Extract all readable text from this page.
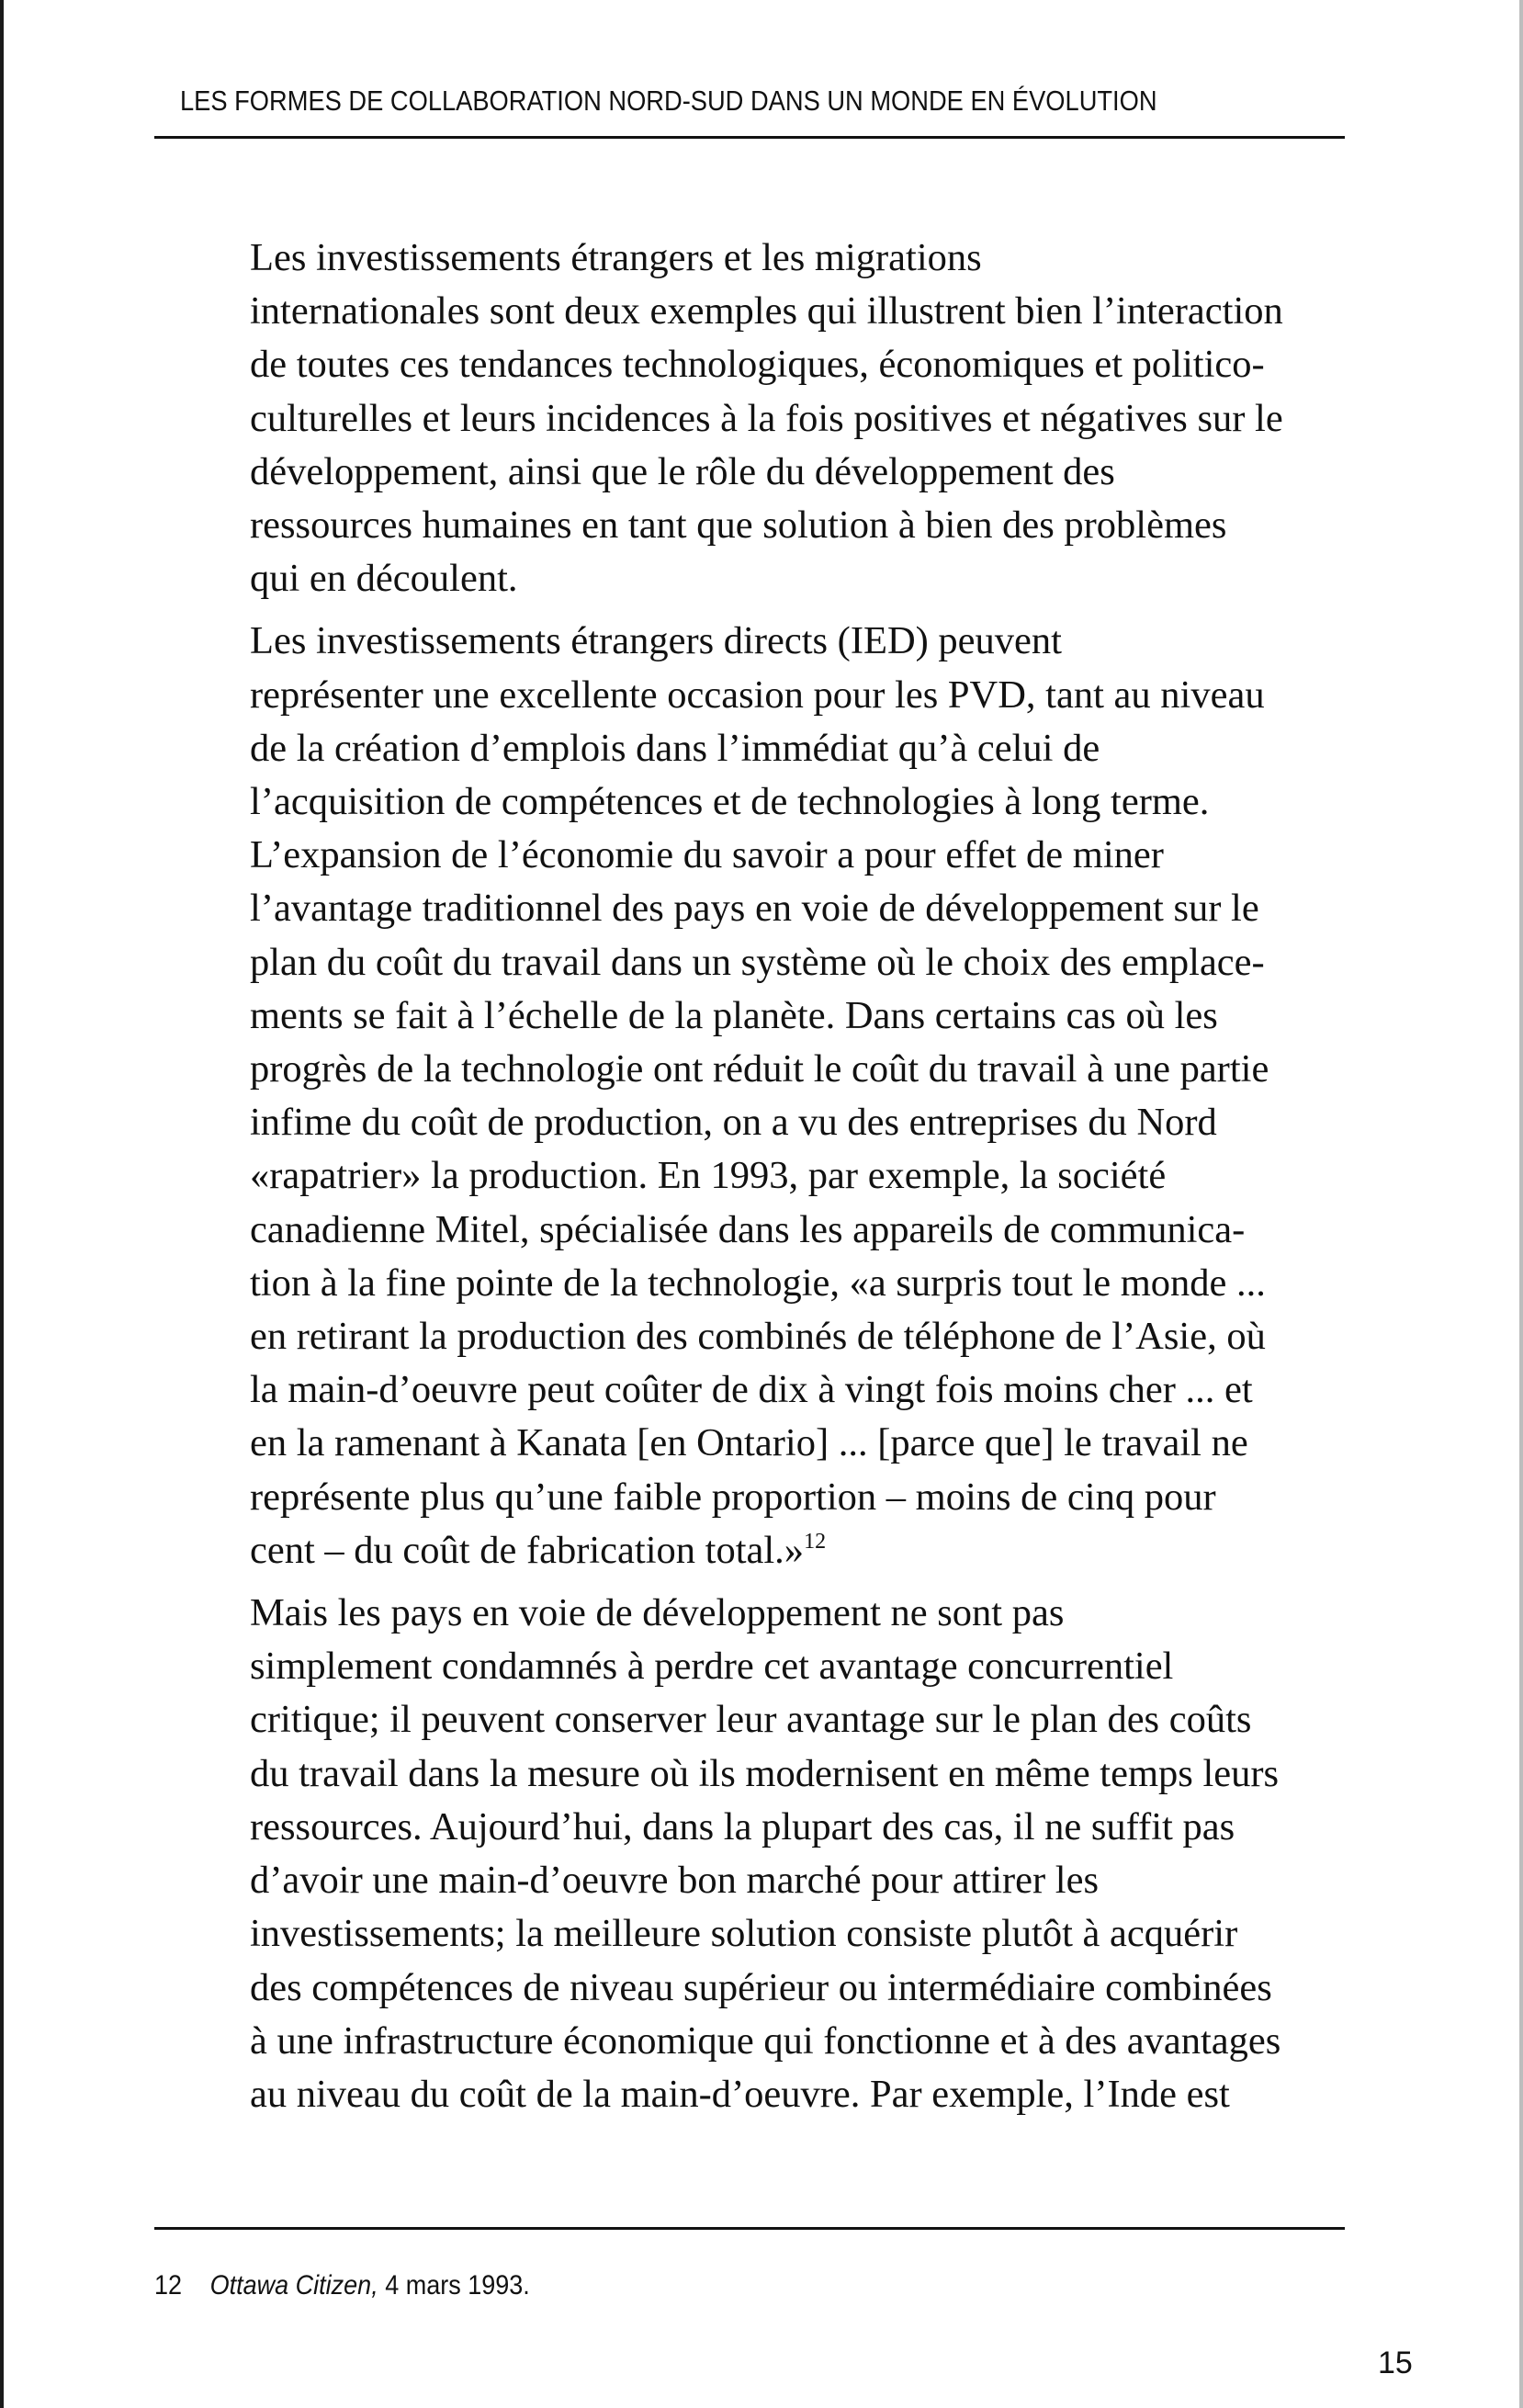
LES FORMES DE COLLABORATION NORD-SUD DANS UN MONDE EN ÉVOLUTION

Les investissements étrangers et les migrations
internationales sont deux exemples qui illustrent bien l’interaction
de toutes ces tendances technologiques, économiques et politico-
culturelles et leurs incidences à la fois positives et négatives sur le
développement, ainsi que le rôle du développement des
ressources humaines en tant que solution à bien des problèmes
qui en découlent.

Les investissements étrangers directs (IED) peuvent
représenter une excellente occasion pour les PVD, tant au niveau
de la création d’emplois dans l’immédiat qu’à celui de
l’acquisition de compétences et de technologies à long terme.
L’expansion de l’économie du savoir a pour effet de miner
l’avantage traditionnel des pays en voie de développement sur le
plan du coût du travail dans un système où le choix des emplace-
ments se fait à l’échelle de la planète. Dans certains cas où les
progrès de la technologie ont réduit le coût du travail à une partie
infime du coût de production, on a vu des entreprises du Nord
«rapatrier» la production. En 1993, par exemple, la société
canadienne Mitel, spécialisée dans les appareils de communica-
tion à la fine pointe de la technologie, «a surpris tout le monde ...
en retirant la production des combinés de téléphone de l’Asie, où
la main-d’oeuvre peut coûter de dix à vingt fois moins cher ... et
en la ramenant à Kanata [en Ontario] ... [parce que] le travail ne
représente plus qu’une faible proportion – moins de cinq pour
cent – du coût de fabrication total.»$^{12}$

Mais les pays en voie de développement ne sont pas
simplement condamnés à perdre cet avantage concurrentiel
critique; il peuvent conserver leur avantage sur le plan des coûts
du travail dans la mesure où ils modernisent en même temps leurs
ressources. Aujourd’hui, dans la plupart des cas, il ne suffit pas
d’avoir une main-d’oeuvre bon marché pour attirer les
investissements; la meilleure solution consiste plutôt à acquérir
des compétences de niveau supérieur ou intermédiaire combinées
à une infrastructure économique qui fonctionne et à des avantages
au niveau du coût de la main-d’oeuvre. Par exemple, l’Inde est

12 Ottawa Citizen, 4 mars 1993.
15
